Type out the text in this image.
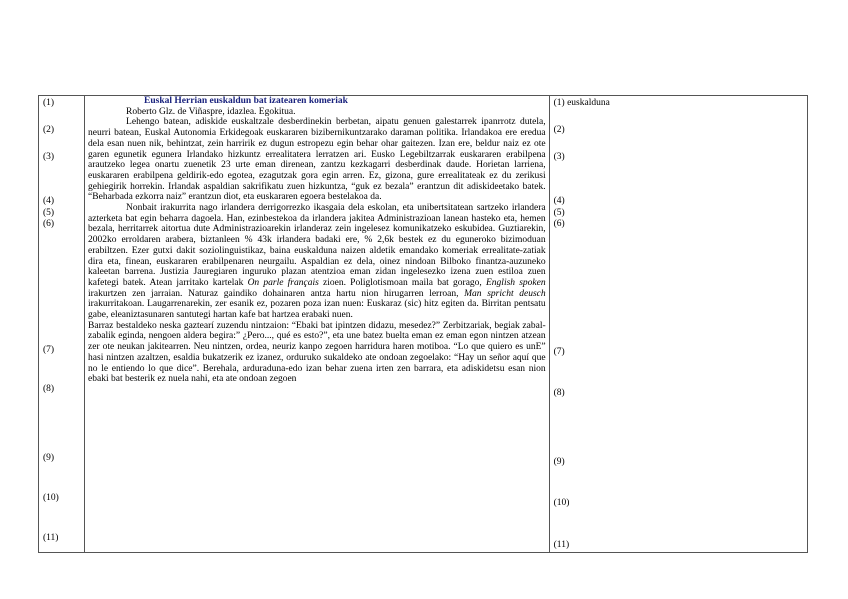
(1)
(2)
(3)
(4)
(5)
(6)
(7)
(8)
(9)
(10)
(11)

Euskal Herrian euskaldun bat izatearen komeriak

Roberto Glz. de Viñaspre, idazlea. Egokitua.

Lehengo batean, adiskide euskaltzale desberdinekin berbetan, aipatu genuen galestarrek ipanrrotz dutela, neurri batean, Euskal Autonomia Erkidegoak euskararen bizibernikuntzarako daraman politika. Irlandakoa ere eredua dela esan nuen nik, behintzat, zein harririk ez dugun estropezu egin behar ohar gaitezen. Izan ere, beldur naiz ez ote garen egunetik egunera Irlandako hizkuntz errealitatera lerratzen ari. Eusko Legebiltzarrak euskararen erabilpena arautzeko legea onartu zuenetik 23 urte eman direnean, zantzu kezkagarri desberdinak daude. Horietan larriena, euskararen erabilpena geldirik-edo egotea, ezagutzak gora egin arren. Ez, gizona, gure errealitateak ez du zerikusi gehiegirik horrekin. Irlandak aspaldian sakrifikatu zuen hizkuntza, “guk ez bezala” erantzun dit adiskideetako batek. “Beharbada ezkorra naiz” erantzun diot, eta euskararen egoera bestelakoa da.

Nonbait irakurrita nago irlandera derrigorrezko ikasgaia dela eskolan, eta unibertsitatean sartzeko irlandera azterketa bat egin beharra dagoela. Han, ezinbestekoa da irlandera jakitea Administrazioan lanean hasteko eta, hemen bezala, herritarrek aitortua dute Administrazioarekin irlanderaz zein ingelesez komunikatzeko eskubidea. Guztiarekin, 2002ko erroldaren arabera, biztanleen % 43k irlandera badaki ere, % 2,6k bestek ez du eguneroko bizimoduan erabiltzen. Ezer gutxi dakit soziolinguistikaz, baina euskalduna naizen aldetik emandako komeriak errealitate-zatiak dira eta, finean, euskararen erabilpenaren neurgailu. Aspaldian ez dela, oinez nindoan Bilboko finantza-auzuneko kaleetan barrena. Justizia Jauregiaren inguruko plazan atentzioa eman zidan ingelesezko izena zuen estiloa zuen kafetegi batek. Atean jarritako kartelak On parle français zioen. Poliglotismoan maila bat gorago, English spoken irakurtzen zen jarraian. Naturaz gaindiko dohainaren antza hartu nion hirugarren lerroan, Man spricht deusch irakurritakoan. Laugarrenarekin, zer esanik ez, pozaren poza izan nuen: Euskaraz (sic) hitz egiten da. Birritan pentsatu gabe, eleaniztasunaren santutegi hartan kafe bat hartzea erabaki nuen.

Barraz bestaldeko neska gaztearí zuzendu nintzaion: “Ebaki bat ipintzen didazu, mesedez?” Zerbitzariak, begiak zabal-zabalik eginda, nengoen aldera begira:” ¿Pero..., qué es esto?”, eta une batez buelta eman ez eman egon nintzen atzean zer ote neukan jakitearren. Neu nintzen, ordea, neuriz kanpo zegoen harridura haren motiboa. “Lo que quiero es unE” hasi nintzen azaltzen, esaldia bukatzerik ez izanez, orduruko sukaldeko ate ondoan zegoelako: “Hay un señor aquí que no le entiendo lo que dice”. Berehala, arduraduna-edo izan behar zuena irten zen barrara, eta adiskidetsu esan nion ebaki bat besterik ez nuela nahi, eta ate ondoan zegoen

(1) euskalduna
(2)
(3)
(4)
(5)
(6)
(7)
(8)
(9)
(10)
(11)
